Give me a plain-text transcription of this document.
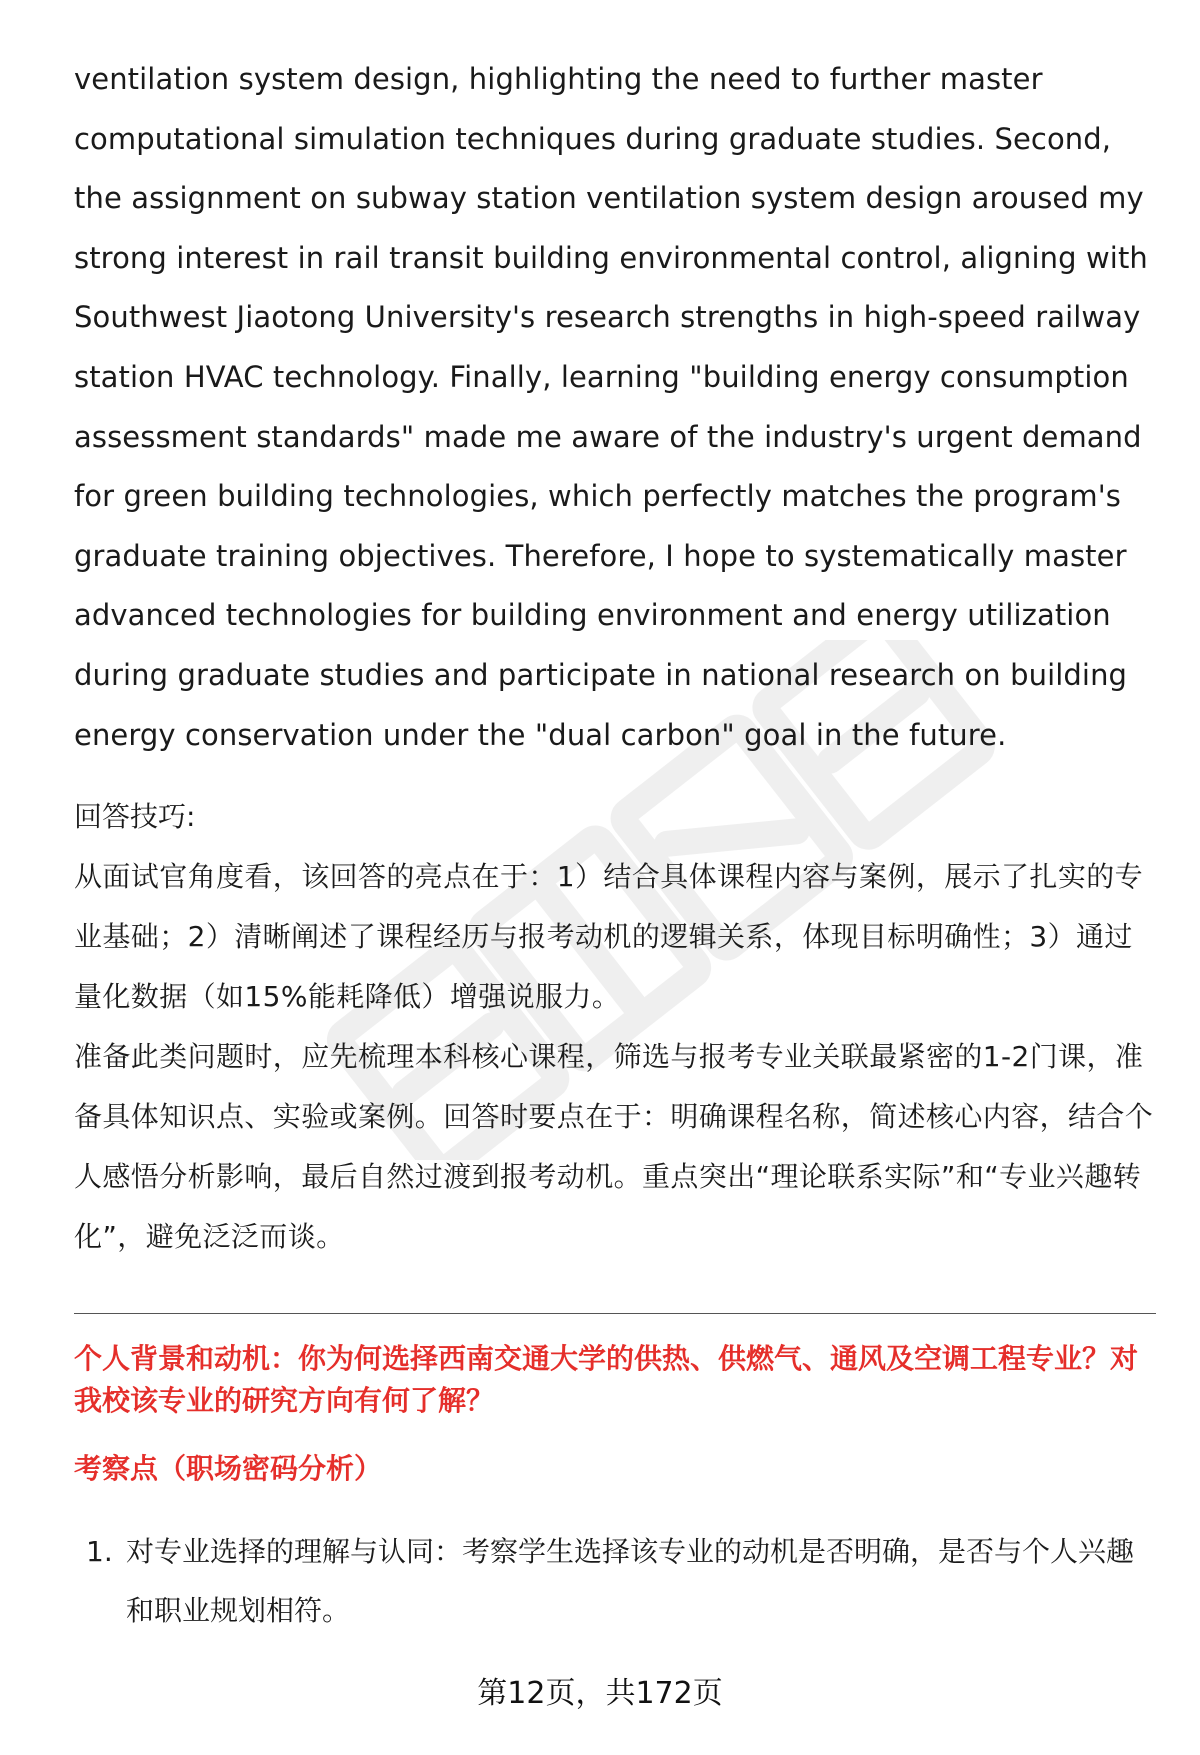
ventilation system design, highlighting the need to further master computational simulation techniques during graduate studies. Second, the assignment on subway station ventilation system design aroused my strong interest in rail transit building environmental control, aligning with Southwest Jiaotong University's research strengths in high-speed railway station HVAC technology. Finally, learning "building energy consumption assessment standards" made me aware of the industry's urgent demand for green building technologies, which perfectly matches the program's graduate training objectives. Therefore, I hope to systematically master advanced technologies for building environment and energy utilization during graduate studies and participate in national research on building energy conservation under the "dual carbon" goal in the future.

回答技巧:

从面试官角度看，该回答的亮点在于：1）结合具体课程内容与案例，展示了扎实的专业基础；2）清晰阐述了课程经历与报考动机的逻辑关系，体现目标明确性；3）通过量化数据（如15%能耗降低）增强说服力。

准备此类问题时，应先梳理本科核心课程，筛选与报考专业关联最紧密的1-2门课，准备具体知识点、实验或案例。回答时要点在于：明确课程名称，简述核心内容，结合个人感悟分析影响，最后自然过渡到报考动机。重点突出“理论联系实际”和“专业兴趣转化”，避免泛泛而谈。

个人背景和动机：你为何选择西南交通大学的供热、供燃气、通风及空调工程专业？对我校该专业的研究方向有何了解？
考察点（职场密码分析）
1. 对专业选择的理解与认同：考察学生选择该专业的动机是否明确，是否与个人兴趣和职业规划相符。
第12页，共172页
